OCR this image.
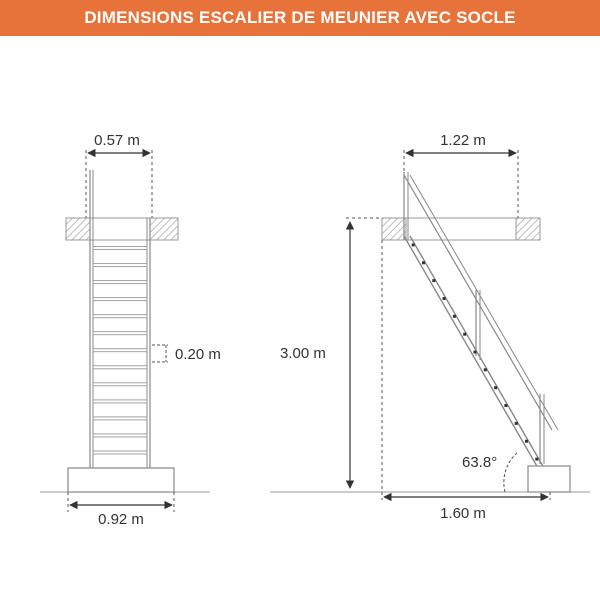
DIMENSIONS ESCALIER DE MEUNIER AVEC SOCLE
0.57 m
0.20 m
0.92 m
1.22 m
3.00 m
63.8°
1.60 m
